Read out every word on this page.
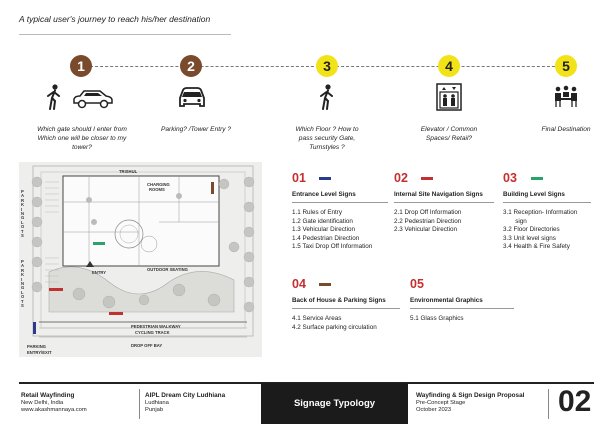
A typical user's journey to reach his/her destination
1	2	3	4	5
Which gate should I enter from
Which one will be closer to my
tower?
Parking? /Tower Entry ?	Which Floor ? How to
pass security Gate,
Turnstyles ?
Elevator / Common
Spaces/ Retail?
Final Destination
TRISHUL
CHARGING
ROOMS
ENTRY
OUTDOOR SEATING
PARKING LOTS
PARKING LOTS
PEDESTRIAN WALKWAY
CYCLING TRACK
DROP OFF BAY
PARKING
ENTRY/EXIT
01
Entrance Level Signs
1.1 Rules of Entry
1.2 Gate identification
1.3 Vehicular Direction
1.4 Pedestrian Direction
1.5 Taxi Drop Off Information
02
Internal Site Navigation Signs
2.1 Drop Off Information
2.2 Pedestrian Direction
2.3 Vehicular Direction
03
Building Level Signs
3.1 Reception- Information
sign
3.2 Floor Directories
3.3 Unit level signs
3.4 Health & Fire Safety
04
Back of House & Parking Signs
4.1 Service Areas
4.2 Surface parking circulation
05
Environmental Graphics
5.1 Glass Graphics
Retail Wayfinding
New Delhi, India
www.akashmannaya.com
AIPL Dream City Ludhiana
Ludhiana
Punjab
Signage Typology
Wayfinding & Sign Design Proposal
Pre-Concept Stage
October 2023	02
